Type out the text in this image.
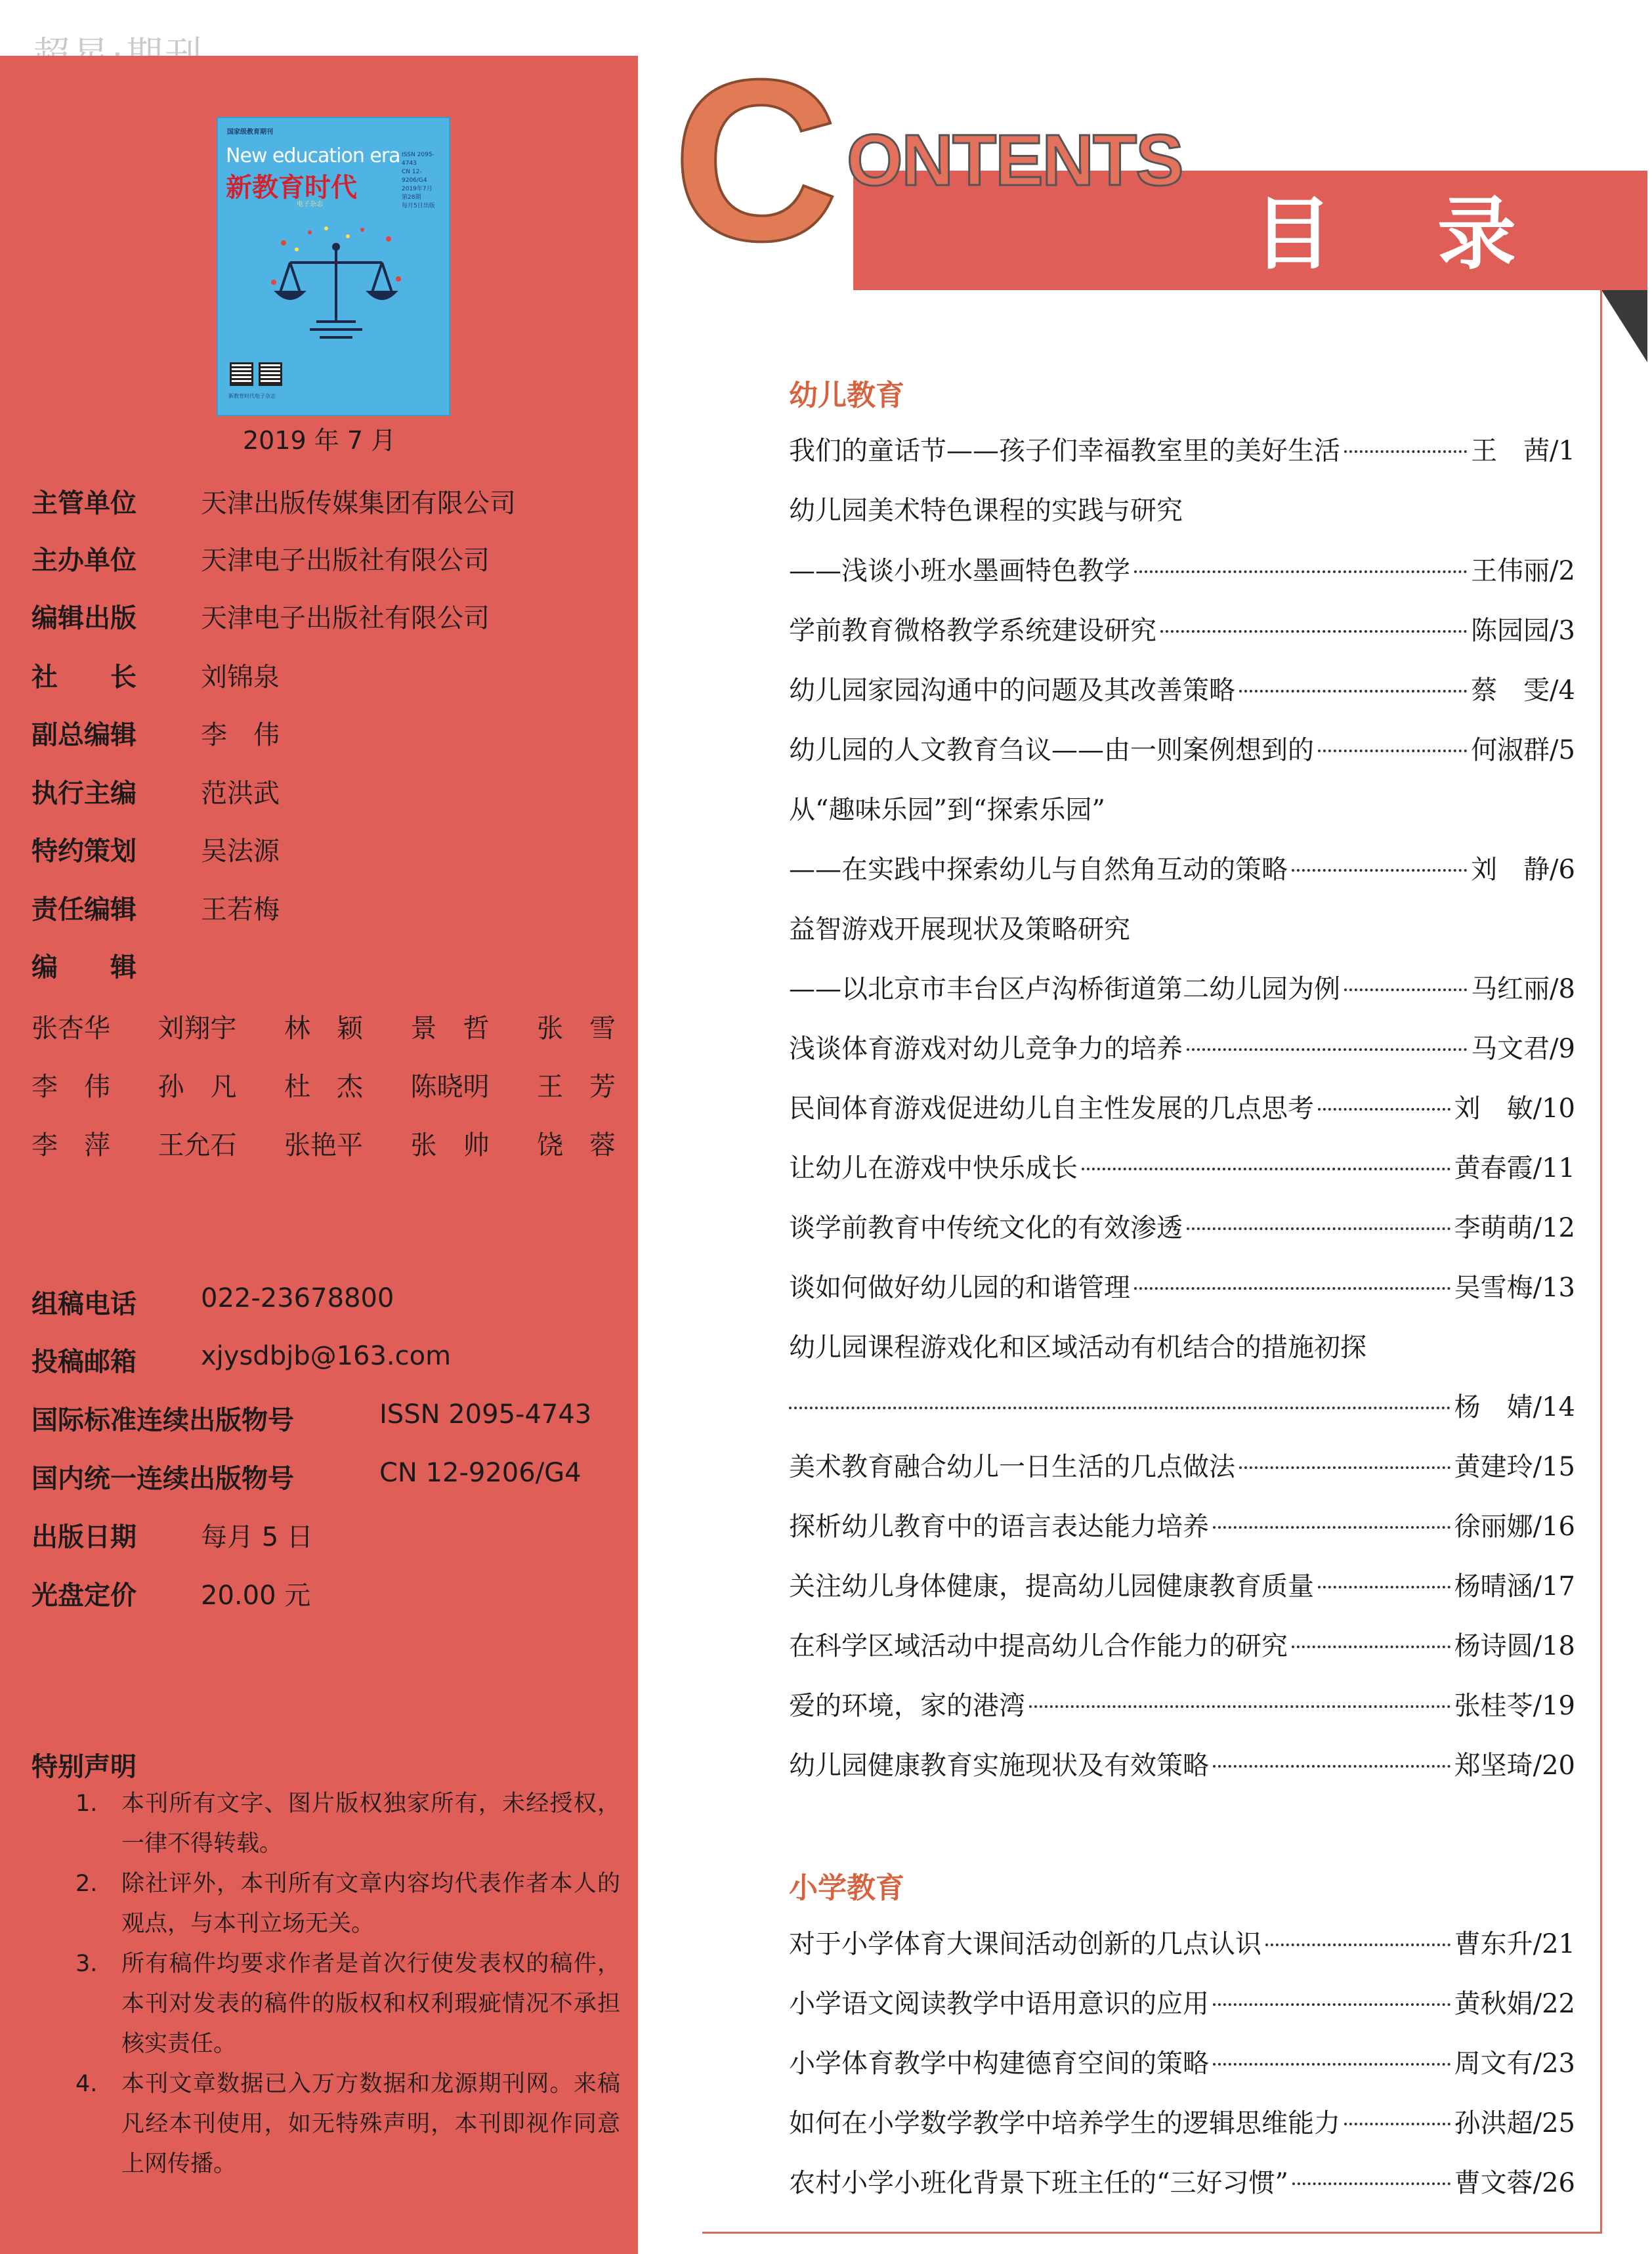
国家级教育期刊
New education era
新教育时代
ISSN 2095-4743
CN 12-9206/G4
2019年7月
第28期
每月5日出版
电子杂志
新教育时代电子杂志
2019 年 7 月
主管单位 天津出版传媒集团有限公司
主办单位 天津电子出版社有限公司
编辑出版 天津电子出版社有限公司
社　　长 刘锦泉
副总编辑 李　伟
执行主编 范洪武
特约策划 吴法源
责任编辑 王若梅
编　　辑
张杏华 刘翔宇 林　颖 景　哲 张　雪
李　伟 孙　凡 杜　杰 陈晓明 王　芳
李　萍 王允石 张艳平 张　帅 饶　蓉
组稿电话 022-23678800
投稿邮箱 xjysdbjb@163.com
国际标准连续出版物号	ISSN 2095-4743
国内统一连续出版物号	CN 12-9206/G4
出版日期 每月 5 日
光盘定价 20.00 元
特别声明
1. 本刊所有文字、图片版权独家所有，未经授权，一律不得转载。
2. 除社评外，本刊所有文章内容均代表作者本人的观点，与本刊立场无关。
3. 所有稿件均要求作者是首次行使发表权的稿件，本刊对发表的稿件的版权和权利瑕疵情况不承担核实责任。
4. 本刊文章数据已入万方数据和龙源期刊网。来稿凡经本刊使用，如无特殊声明，本刊即视作同意上网传播。
C ONTENTS
目录
幼儿教育
我们的童话节——孩子们幸福教室里的美好生活	王　茜/1
幼儿园美术特色课程的实践与研究
——浅谈小班水墨画特色教学	王伟丽/2
学前教育微格教学系统建设研究	陈园园/3
幼儿园家园沟通中的问题及其改善策略	蔡　雯/4
幼儿园的人文教育刍议——由一则案例想到的	何淑群/5
从“趣味乐园”到“探索乐园”
——在实践中探索幼儿与自然角互动的策略	刘　静/6
益智游戏开展现状及策略研究
——以北京市丰台区卢沟桥街道第二幼儿园为例	马红丽/8
浅谈体育游戏对幼儿竞争力的培养	马文君/9
民间体育游戏促进幼儿自主性发展的几点思考	刘　敏/10
让幼儿在游戏中快乐成长	黄春霞/11
谈学前教育中传统文化的有效渗透	李萌萌/12
谈如何做好幼儿园的和谐管理	吴雪梅/13
幼儿园课程游戏化和区域活动有机结合的措施初探
杨　婧/14
美术教育融合幼儿一日生活的几点做法	黄建玲/15
探析幼儿教育中的语言表达能力培养	徐丽娜/16
关注幼儿身体健康，提高幼儿园健康教育质量	杨晴涵/17
在科学区域活动中提高幼儿合作能力的研究	杨诗圆/18
爱的环境，家的港湾	张桂苓/19
幼儿园健康教育实施现状及有效策略	郑坚琦/20
小学教育
对于小学体育大课间活动创新的几点认识	曹东升/21
小学语文阅读教学中语用意识的应用	黄秋娟/22
小学体育教学中构建德育空间的策略	周文有/23
如何在小学数学教学中培养学生的逻辑思维能力	孙洪超/25
农村小学小班化背景下班主任的“三好习惯”	曹文蓉/26
